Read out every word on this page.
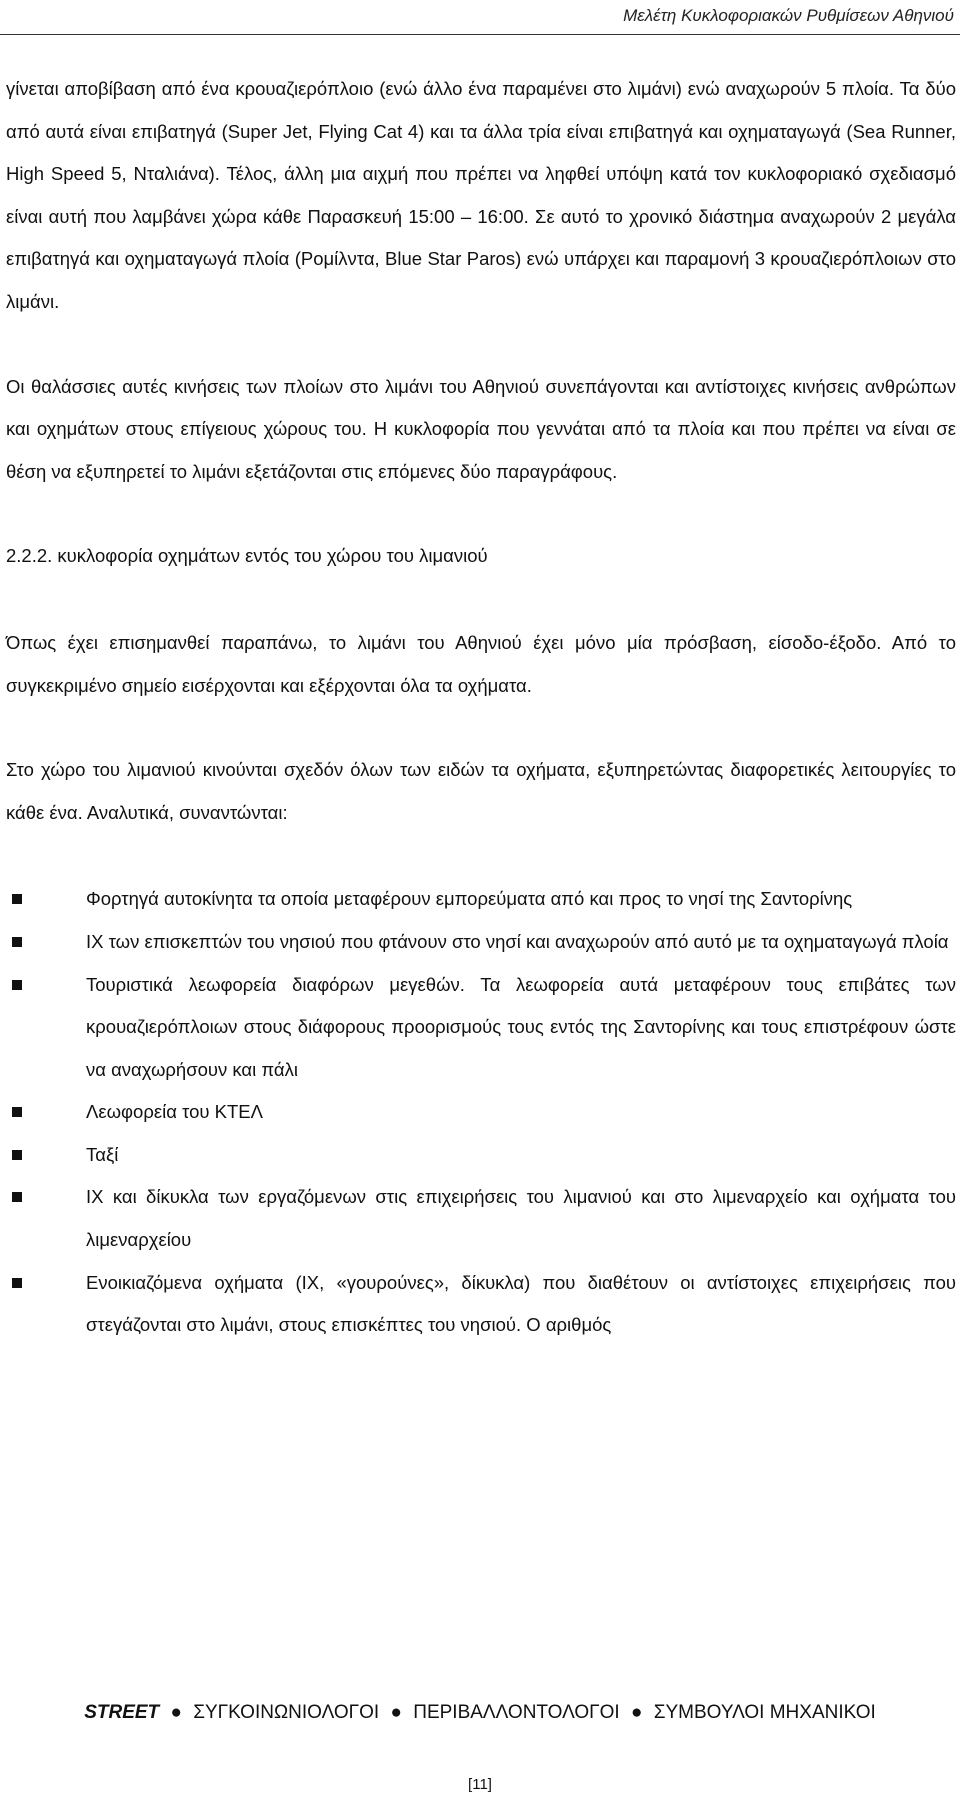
Μελέτη Κυκλοφοριακών Ρυθμίσεων Αθηνιού

γίνεται αποβίβαση από ένα κρουαζιερόπλοιο (ενώ άλλο ένα παραμένει στο λιμάνι) ενώ αναχωρούν 5 πλοία. Τα δύο από αυτά είναι επιβατηγά (Super Jet, Flying Cat 4) και τα άλλα τρία είναι επιβατηγά και οχηματαγωγά (Sea Runner, High Speed 5, Νταλιάνα). Τέλος, άλλη μια αιχμή που πρέπει να ληφθεί υπόψη κατά τον κυκλοφοριακό σχεδιασμό είναι αυτή που λαμβάνει χώρα κάθε Παρασκευή 15:00 – 16:00. Σε αυτό το χρονικό διάστημα αναχωρούν 2 μεγάλα επιβατηγά και οχηματαγωγά πλοία (Ρομίλντα, Blue Star Paros) ενώ υπάρχει και παραμονή 3 κρουαζιερόπλοιων στο λιμάνι.

Οι θαλάσσιες αυτές κινήσεις των πλοίων στο λιμάνι του Αθηνιού συνεπάγονται και αντίστοιχες κινήσεις ανθρώπων και οχημάτων στους επίγειους χώρους του. Η κυκλοφορία που γεννάται από τα πλοία και που πρέπει να είναι σε θέση να εξυπηρετεί το λιμάνι εξετάζονται στις επόμενες δύο παραγράφους.

2.2.2. κυκλοφορία οχημάτων εντός του χώρου του λιμανιού

Όπως έχει επισημανθεί παραπάνω, το λιμάνι του Αθηνιού έχει μόνο μία πρόσβαση, είσοδο-έξοδο. Από το συγκεκριμένο σημείο εισέρχονται και εξέρχονται όλα τα οχήματα.

Στο χώρο του λιμανιού κινούνται σχεδόν όλων των ειδών τα οχήματα, εξυπηρετώντας διαφορετικές λειτουργίες το κάθε ένα. Αναλυτικά, συναντώνται:

Φορτηγά αυτοκίνητα τα οποία μεταφέρουν εμπορεύματα από και προς το νησί της Σαντορίνης
ΙΧ των επισκεπτών του νησιού που φτάνουν στο νησί και αναχωρούν από αυτό με τα οχηματαγωγά πλοία
Τουριστικά λεωφορεία διαφόρων μεγεθών. Τα λεωφορεία αυτά μεταφέρουν τους επιβάτες των κρουαζιερόπλοιων στους διάφορους προορισμούς τους εντός της Σαντορίνης και τους επιστρέφουν ώστε να αναχωρήσουν και πάλι
Λεωφορεία του ΚΤΕΛ
Ταξί
ΙΧ και δίκυκλα των εργαζόμενων στις επιχειρήσεις του λιμανιού και στο λιμεναρχείο και οχήματα του λιμεναρχείου
Ενοικιαζόμενα οχήματα (ΙΧ, «γουρούνες», δίκυκλα) που διαθέτουν οι αντίστοιχες επιχειρήσεις που στεγάζονται στο λιμάνι, στους επισκέπτες του νησιού. Ο αριθμός
STREET ● ΣΥΓΚΟΙΝΩΝΙΟΛΟΓΟΙ ● ΠΕΡΙΒΑΛΛΟΝΤΟΛΟΓΟΙ ● ΣΥΜΒΟΥΛΟΙ ΜΗΧΑΝΙΚΟΙ
[11]
